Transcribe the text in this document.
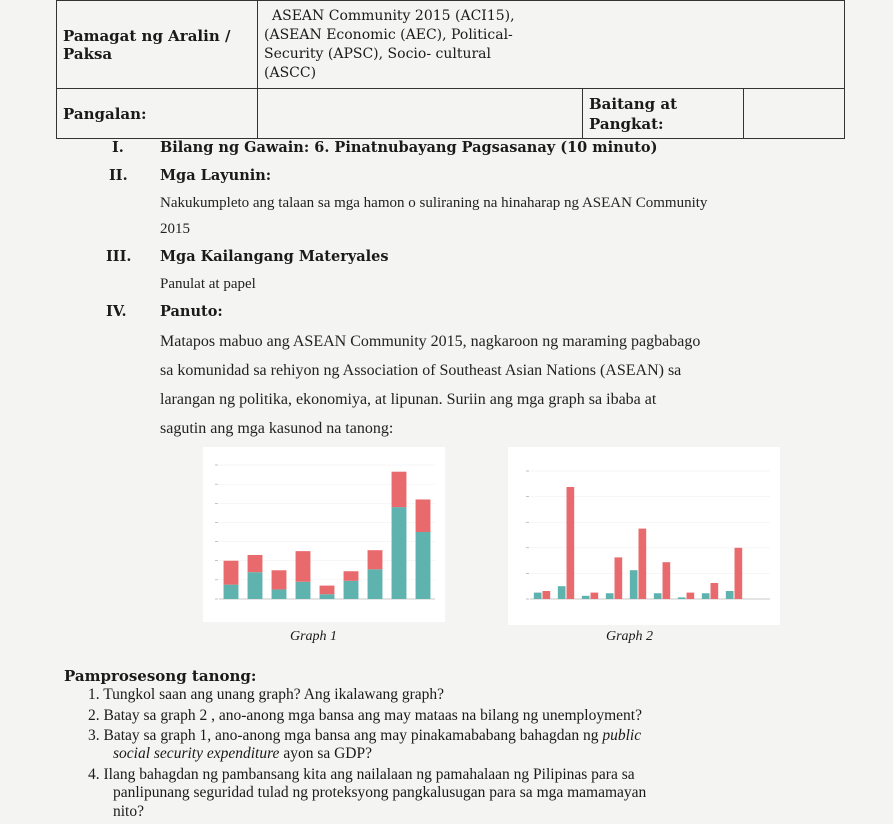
Pamagat ng Aralin / Paksa	ASEAN Community 2015 (ACI15),
(ASEAN Economic (AEC), Political-
Security (APSC), Socio- cultural
(ASCC)		

Pangalan:		Baitang at Pangkat:	
I. Bilang ng Gawain: 6. Pinatnubayang Pagsasanay (10 minuto)
II. Mga Layunin:
Nakukumpleto ang talaan sa mga hamon o suliraning na hinaharap ng ASEAN Community
2015
III. Mga Kailangang Materyales
Panulat at papel
IV. Panuto:
Matapos mabuo ang ASEAN Community 2015, nagkaroon ng maraming pagbabago
sa komunidad sa rehiyon ng Association of Southeast Asian Nations (ASEAN) sa
larangan ng politika, ekonomiya, at lipunan. Suriin ang mga graph sa ibaba at
sagutin ang mga kasunod na tanong:
Graph 1	Graph 2
Pamprosesong tanong:
1. Tungkol saan ang unang graph? Ang ikalawang graph?
2. Batay sa graph 2 , ano-anong mga bansa ang may mataas na bilang ng unemployment?
3. Batay sa graph 1, ano-anong mga bansa ang may pinakamababang bahagdan ng public
social security expenditure ayon sa GDP?
4. Ilang bahagdan ng pambansang kita ang nailalaan ng pamahalaan ng Pilipinas para sa
panlipunang seguridad tulad ng proteksyong pangkalusugan para sa mga mamamayan
nito?
